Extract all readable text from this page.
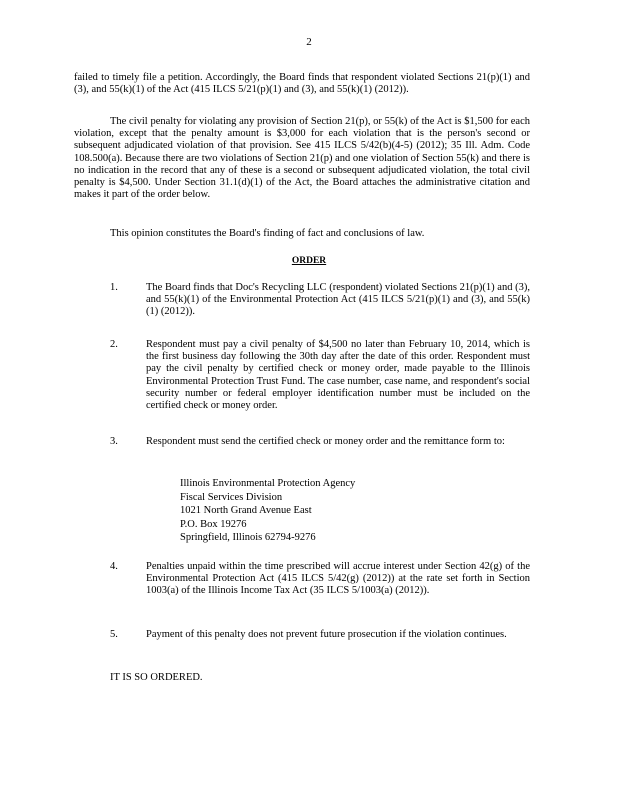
2
failed to timely file a petition. Accordingly, the Board finds that respondent violated Sections 21(p)(1) and (3), and 55(k)(1) of the Act (415 ILCS 5/21(p)(1) and (3), and 55(k)(1) (2012)).
The civil penalty for violating any provision of Section 21(p), or 55(k) of the Act is $1,500 for each violation, except that the penalty amount is $3,000 for each violation that is the person's second or subsequent adjudicated violation of that provision. See 415 ILCS 5/42(b)(4-5) (2012); 35 Ill. Adm. Code 108.500(a). Because there are two violations of Section 21(p) and one violation of Section 55(k) and there is no indication in the record that any of these is a second or subsequent adjudicated violation, the total civil penalty is $4,500. Under Section 31.1(d)(1) of the Act, the Board attaches the administrative citation and makes it part of the order below.
This opinion constitutes the Board's finding of fact and conclusions of law.
ORDER
1.	The Board finds that Doc's Recycling LLC (respondent) violated Sections 21(p)(1) and (3), and 55(k)(1) of the Environmental Protection Act (415 ILCS 5/21(p)(1) and (3), and 55(k)(1) (2012)).
2.	Respondent must pay a civil penalty of $4,500 no later than February 10, 2014, which is the first business day following the 30th day after the date of this order. Respondent must pay the civil penalty by certified check or money order, made payable to the Illinois Environmental Protection Trust Fund. The case number, case name, and respondent's social security number or federal employer identification number must be included on the certified check or money order.
3.	Respondent must send the certified check or money order and the remittance form to:
Illinois Environmental Protection Agency
Fiscal Services Division
1021 North Grand Avenue East
P.O. Box 19276
Springfield, Illinois 62794-9276
4.	Penalties unpaid within the time prescribed will accrue interest under Section 42(g) of the Environmental Protection Act (415 ILCS 5/42(g) (2012)) at the rate set forth in Section 1003(a) of the Illinois Income Tax Act (35 ILCS 5/1003(a) (2012)).
5.	Payment of this penalty does not prevent future prosecution if the violation continues.
IT IS SO ORDERED.
